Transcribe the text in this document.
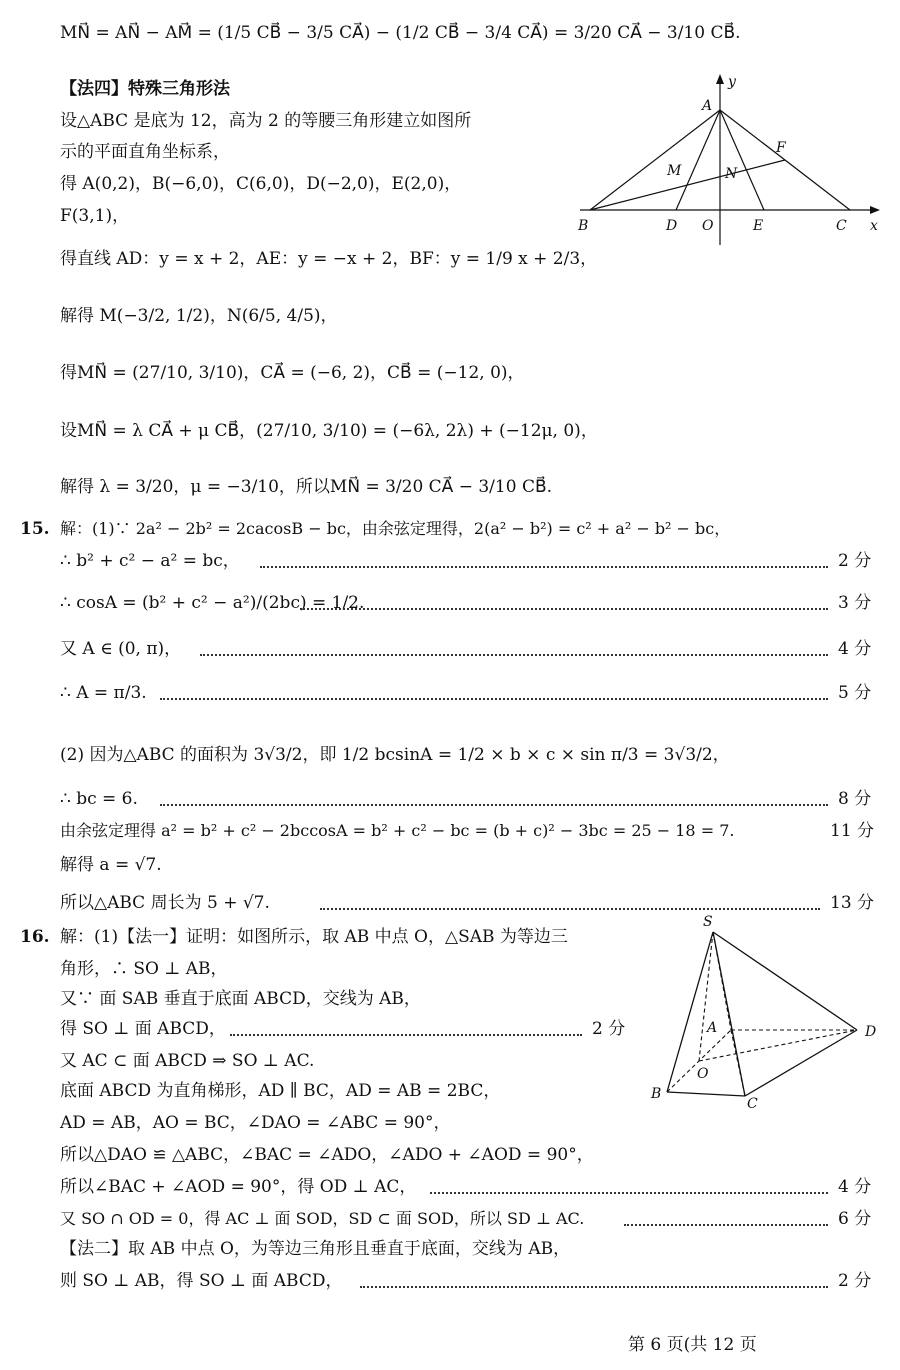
MN⃗ = AN⃗ − AM⃗ = (1/5 CB⃗ − 3/5 CA⃗) − (1/2 CB⃗ − 3/4 CA⃗) = 3/20 CA⃗ − 3/10 CB⃗.
【法四】特殊三角形法
设△ABC 是底为 12，高为 2 的等腰三角形建立如图所
示的平面直角坐标系，
得 A(0,2)，B(−6,0)，C(6,0)，D(−2,0)，E(2,0)，
F(3,1)，
得直线 AD：y = x + 2，AE：y = −x + 2，BF：y = 1/9 x + 2/3，
解得 M(−3/2, 1/2)，N(6/5, 4/5)，
得MN⃗ = (27/10, 3/10)，CA⃗ = (−6, 2)，CB⃗ = (−12, 0)，
设MN⃗ = λ CA⃗ + μ CB⃗，(27/10, 3/10) = (−6λ, 2λ) + (−12μ, 0)，
解得 λ = 3/20，μ = −3/10，所以MN⃗ = 3/20 CA⃗ − 3/10 CB⃗.
y
A
F
M	N
B	D O	E	C x
15. 解：(1)∵ 2a² − 2b² = 2cacosB − bc，由余弦定理得，2(a² − b²) = c² + a² − b² − bc，
∴ b² + c² − a² = bc，	2 分
∴ cosA = (b² + c² − a²)/(2bc) = 1/2.	3 分
又 A ∈ (0, π)，	4 分
∴ A = π/3.	5 分
(2) 因为△ABC 的面积为 3√3/2，即 1/2 bcsinA = 1/2 × b × c × sin π/3 = 3√3/2，
∴ bc = 6.	8 分
由余弦定理得 a² = b² + c² − 2bccosA = b² + c² − bc = (b + c)² − 3bc = 25 − 18 = 7.	11 分
解得 a = √7.
所以△ABC 周长为 5 + √7.	13 分
16. 解：(1)【法一】证明：如图所示，取 AB 中点 O，△SAB 为等边三
角形，∴ SO ⊥ AB，
又∵ 面 SAB 垂直于底面 ABCD，交线为 AB，
得 SO ⊥ 面 ABCD，	2 分
又 AC ⊂ 面 ABCD ⇒ SO ⊥ AC.
底面 ABCD 为直角梯形，AD ∥ BC，AD = AB = 2BC，
AD = AB，AO = BC，∠DAO = ∠ABC = 90°，
所以△DAO ≌ △ABC，∠BAC = ∠ADO，∠ADO + ∠AOD = 90°，
所以∠BAC + ∠AOD = 90°，得 OD ⊥ AC，	4 分
又 SO ∩ OD = 0，得 AC ⊥ 面 SOD，SD ⊂ 面 SOD，所以 SD ⊥ AC.	6 分
【法二】取 AB 中点 O，为等边三角形且垂直于底面，交线为 AB，
则 SO ⊥ AB，得 SO ⊥ 面 ABCD，	2 分
S
A
O
B
C
D
第 6 页(共 12 页
